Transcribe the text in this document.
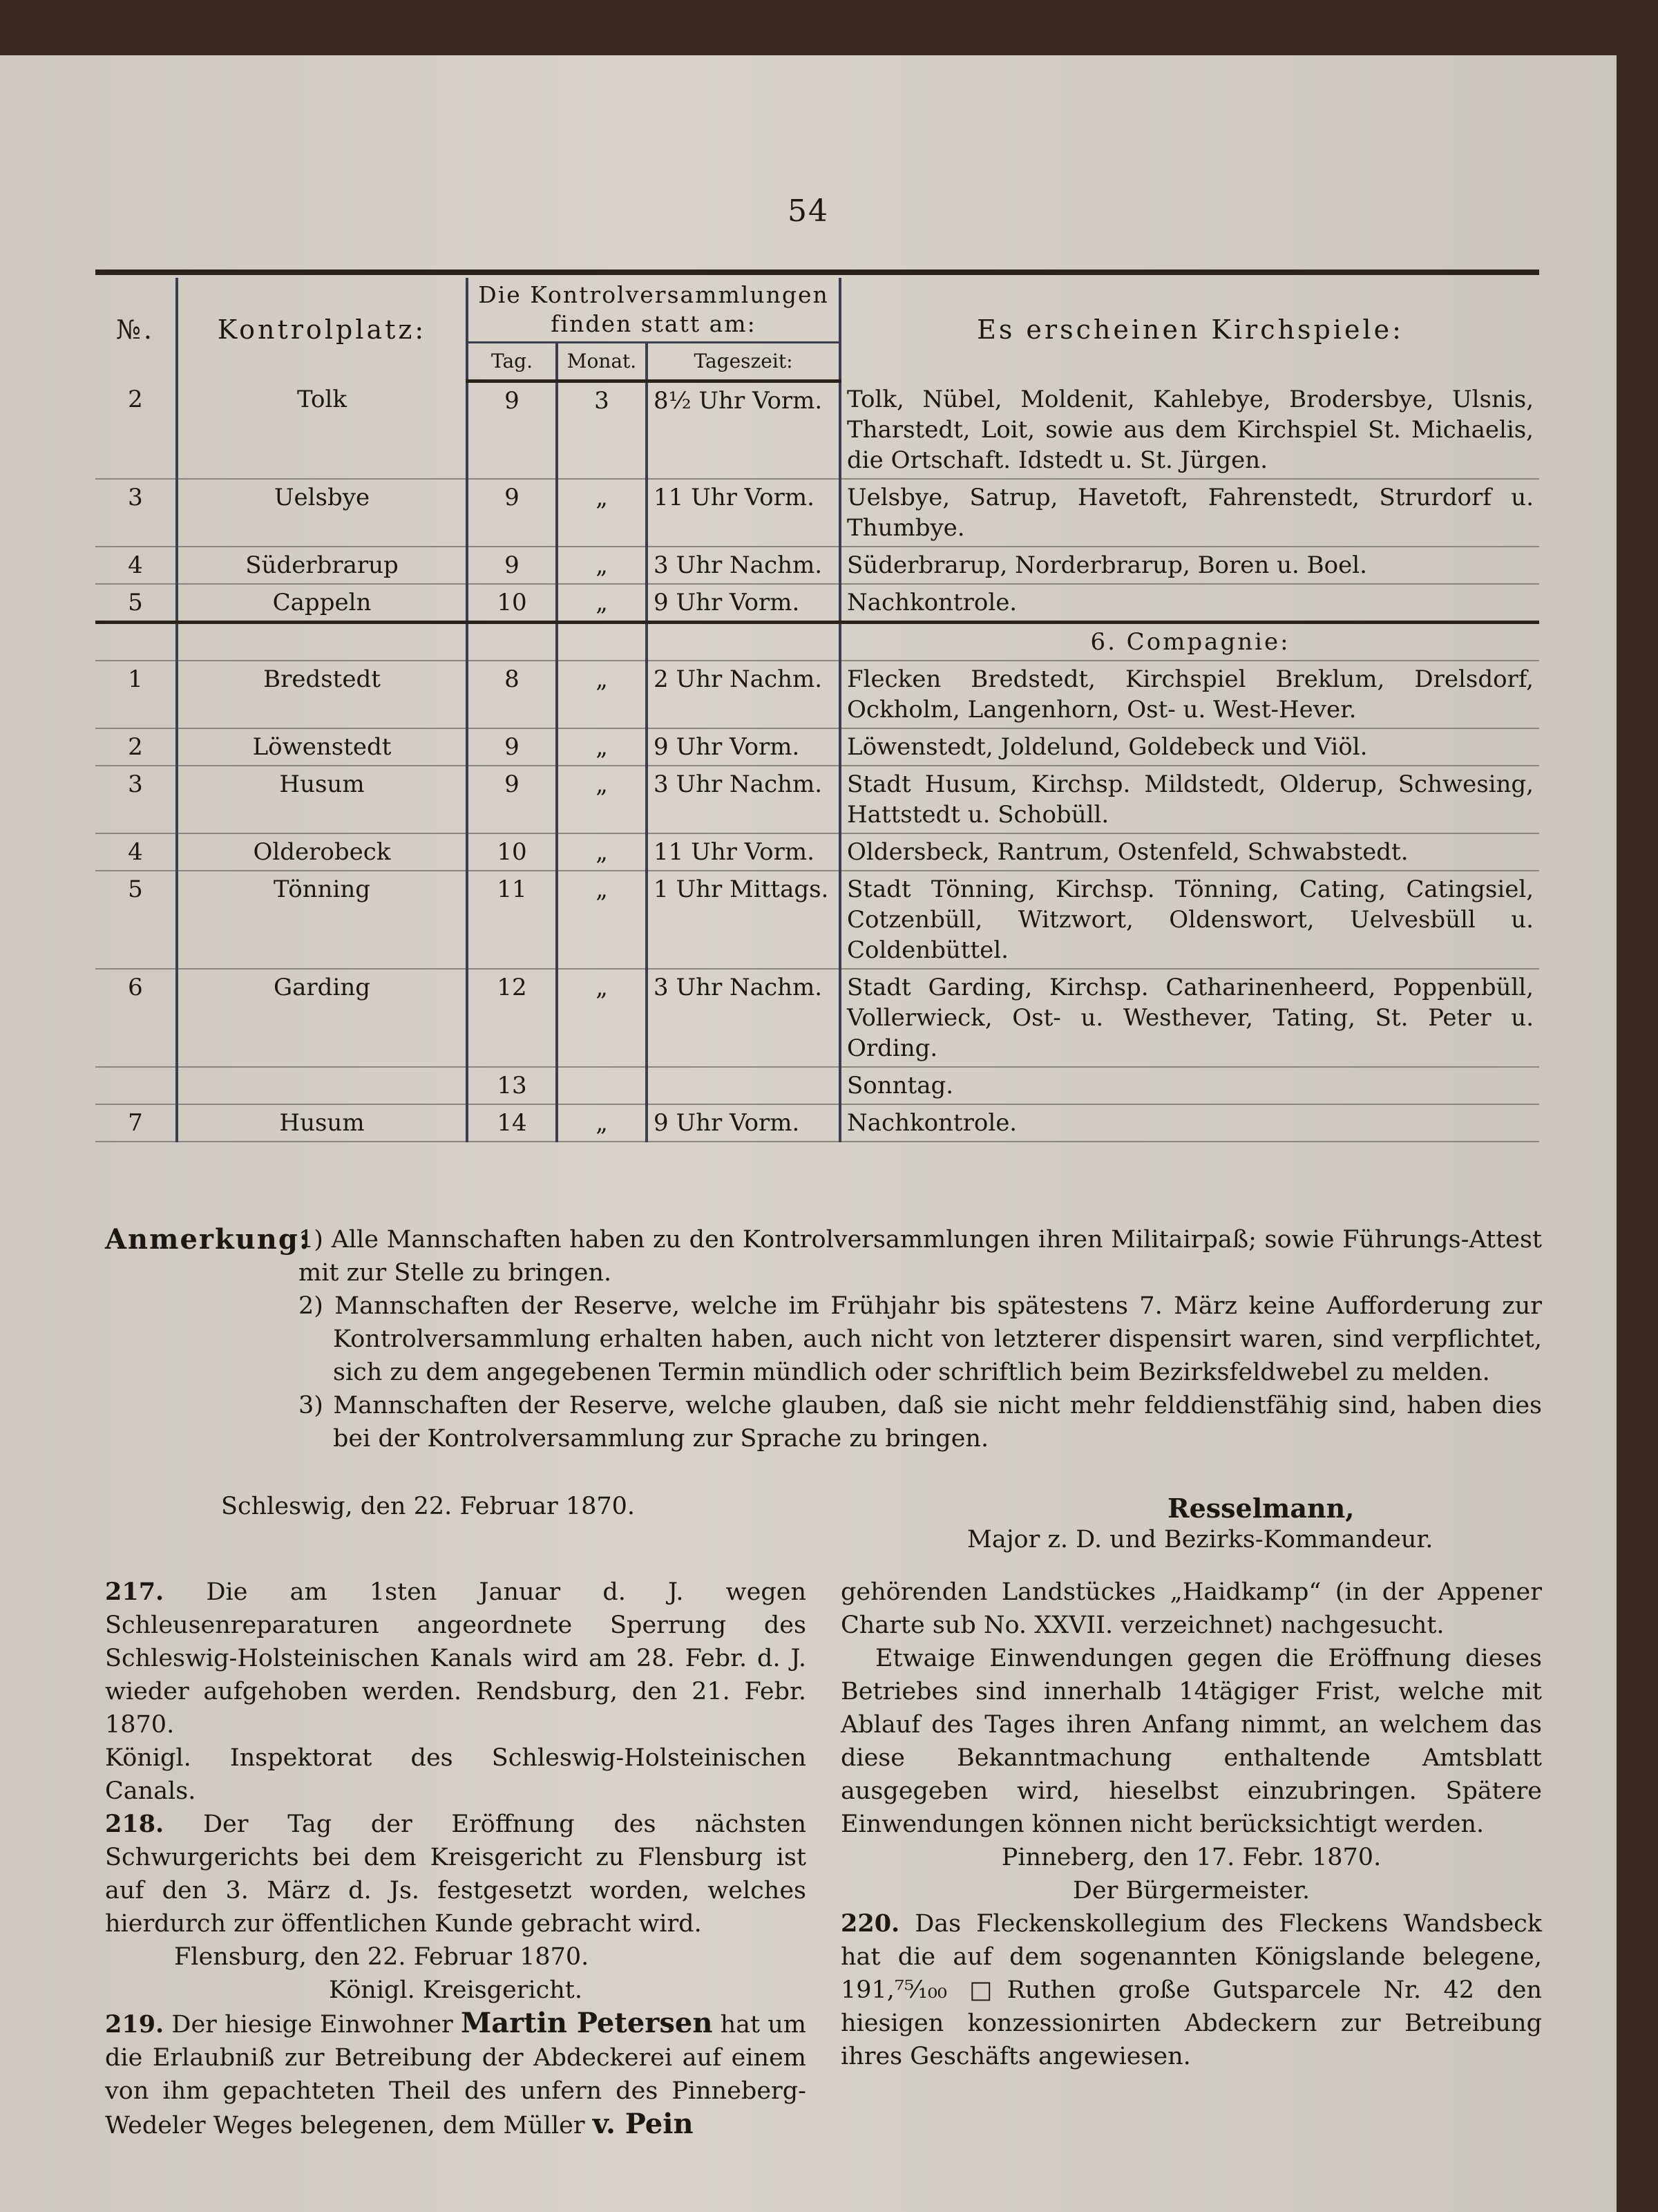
54
№.	Kontrolplatz:	Die Kontrolversammlungen finden statt am:			Es erscheinen Kirchspiele:
		Tag.	Monat.	Tageszeit:	
2	Tolk	9	3	8½ Uhr Vorm.	Tolk, Nübel, Moldenit, Kahlebye, Brodersbye, Ulsnis, Tharstedt, Loit, sowie aus dem Kirchspiel St. Michaelis, die Ortschaft. Idstedt u. St. Jürgen.
3	Uelsbye	9	„	11 Uhr Vorm.	Uelsbye, Satrup, Havetoft, Fahrenstedt, Strurdorf u. Thumbye.
4	Süderbrarup	9	„	3 Uhr Nachm.	Süderbrarup, Norderbrarup, Boren u. Boel.
5	Cappeln	10	„	9 Uhr Vorm.	Nachkontrole.
					6. Compagnie:
1	Bredstedt	8	„	2 Uhr Nachm.	Flecken Bredstedt, Kirchspiel Breklum, Drelsdorf, Ockholm, Langenhorn, Ost- u. West-Hever.
2	Löwenstedt	9	„	9 Uhr Vorm.	Löwenstedt, Joldelund, Goldebeck und Viöl.
3	Husum	9	„	3 Uhr Nachm.	Stadt Husum, Kirchsp. Mildstedt, Olderup, Schwesing, Hattstedt u. Schobüll.
4	Olderobeck	10	„	11 Uhr Vorm.	Oldersbeck, Rantrum, Ostenfeld, Schwabstedt.
5	Tönning	11	„	1 Uhr Mittags.	Stadt Tönning, Kirchsp. Tönning, Cating, Catingsiel, Cotzenbüll, Witzwort, Oldenswort, Uelvesbüll u. Coldenbüttel.
6	Garding	12	„	3 Uhr Nachm.	Stadt Garding, Kirchsp. Catharinenheerd, Poppenbüll, Vollerwieck, Ost- u. Westhever, Tating, St. Peter u. Ording.
		13			Sonntag.
7	Husum	14	„	9 Uhr Vorm.	Nachkontrole.
Anmerkung:
1) Alle Mannschaften haben zu den Kontrolversammlungen ihren Militairpaß; sowie Führungs-Attest mit zur Stelle zu bringen.
2) Mannschaften der Reserve, welche im Frühjahr bis spätestens 7. März keine Aufforderung zur Kontrolversammlung erhalten haben, auch nicht von letzterer dispensirt waren, sind verpflichtet, sich zu dem angegebenen Termin mündlich oder schriftlich beim Bezirksfeldwebel zu melden.
3) Mannschaften der Reserve, welche glauben, daß sie nicht mehr felddienstfähig sind, haben dies bei der Kontrolversammlung zur Sprache zu bringen.
Schleswig, den 22. Februar 1870.	Resselmann,
Major z. D. und Bezirks-Kommandeur.
217. Die am 1sten Januar d. J. wegen Schleusenreparaturen angeordnete Sperrung des Schleswig-Holsteinischen Kanals wird am 28. Febr. d. J. wieder aufgehoben werden. Rendsburg, den 21. Febr. 1870.
Königl. Inspektorat des Schleswig-Holsteinischen Canals.
218. Der Tag der Eröffnung des nächsten Schwurgerichts bei dem Kreisgericht zu Flensburg ist auf den 3. März d. Js. festgesetzt worden, welches hierdurch zur öffentlichen Kunde gebracht wird.
Flensburg, den 22. Februar 1870.
Königl. Kreisgericht.
219. Der hiesige Einwohner Martin Petersen hat um die Erlaubniß zur Betreibung der Abdeckerei auf einem von ihm gepachteten Theil des unfern des Pinneberg-Wedeler Weges belegenen, dem Müller v. Pein
gehörenden Landstückes „Haidkamp“ (in der Appener Charte sub No. XXVII. verzeichnet) nachgesucht.
Etwaige Einwendungen gegen die Eröffnung dieses Betriebes sind innerhalb 14tägiger Frist, welche mit Ablauf des Tages ihren Anfang nimmt, an welchem das diese Bekanntmachung enthaltende Amtsblatt ausgegeben wird, hieselbst einzubringen. Spätere Einwendungen können nicht berücksichtigt werden.
Pinneberg, den 17. Febr. 1870.
Der Bürgermeister.
220. Das Fleckenskollegium des Fleckens Wandsbeck hat die auf dem sogenannten Königslande belegene, 191,⁷⁵⁄₁₀₀ □Ruthen große Gutsparcele Nr. 42 den hiesigen konzessionirten Abdeckern zur Betreibung ihres Geschäfts angewiesen.
